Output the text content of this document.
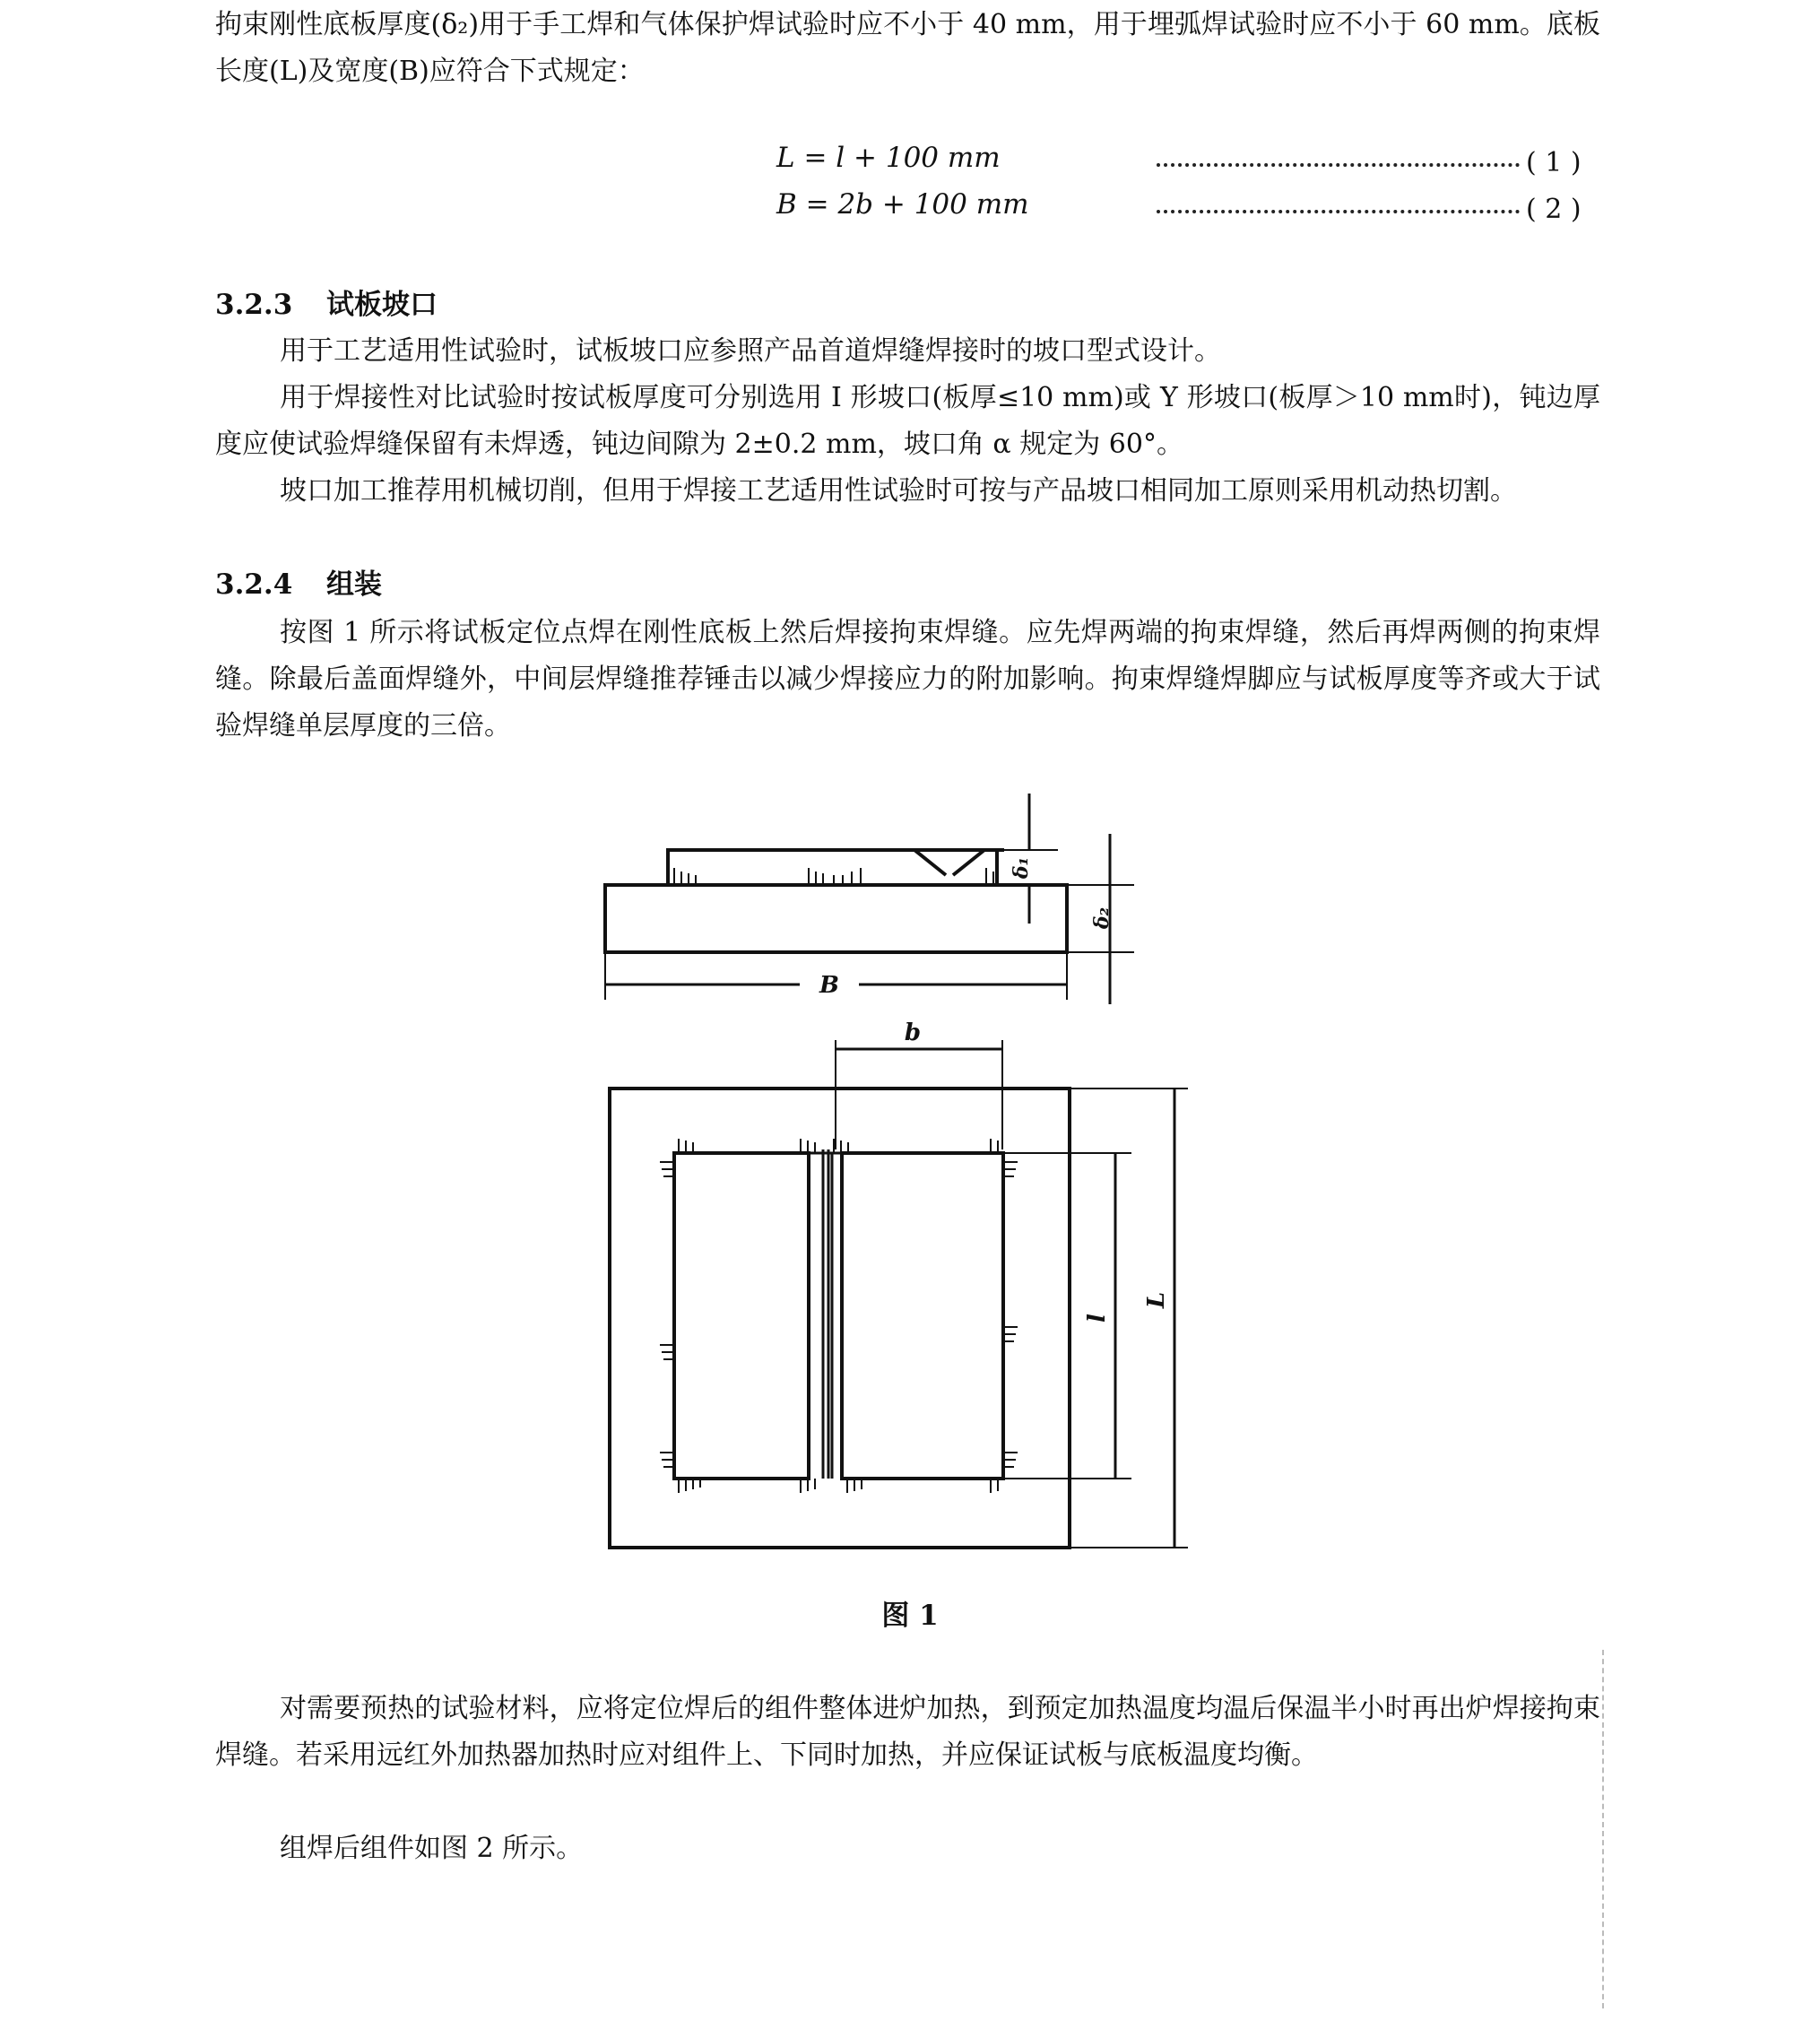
拘束刚性底板厚度(δ₂)用于手工焊和气体保护焊试验时应不小于 40 mm，用于埋弧焊试验时应不小于 60 mm。底板长度(L)及宽度(B)应符合下式规定：

L = l + 100 mm	( 1 )
B = 2b + 100 mm	( 2 )
3.2.3 试板坡口

用于工艺适用性试验时，试板坡口应参照产品首道焊缝焊接时的坡口型式设计。

用于焊接性对比试验时按试板厚度可分别选用 I 形坡口(板厚≤10 mm)或 Y 形坡口(板厚＞10 mm时)，钝边厚度应使试验焊缝保留有未焊透，钝边间隙为 2±0.2 mm，坡口角 α 规定为 60°。

坡口加工推荐用机械切削，但用于焊接工艺适用性试验时可按与产品坡口相同加工原则采用机动热切割。

3.2.4 组装

按图 1 所示将试板定位点焊在刚性底板上然后焊接拘束焊缝。应先焊两端的拘束焊缝，然后再焊两侧的拘束焊缝。除最后盖面焊缝外，中间层焊缝推荐锤击以减少焊接应力的附加影响。拘束焊缝焊脚应与试板厚度等齐或大于试验焊缝单层厚度的三倍。

B
b
l
L
δ₁
δ₂
图 1

对需要预热的试验材料，应将定位焊后的组件整体进炉加热，到预定加热温度均温后保温半小时再出炉焊接拘束焊缝。若采用远红外加热器加热时应对组件上、下同时加热，并应保证试板与底板温度均衡。

组焊后组件如图 2 所示。
